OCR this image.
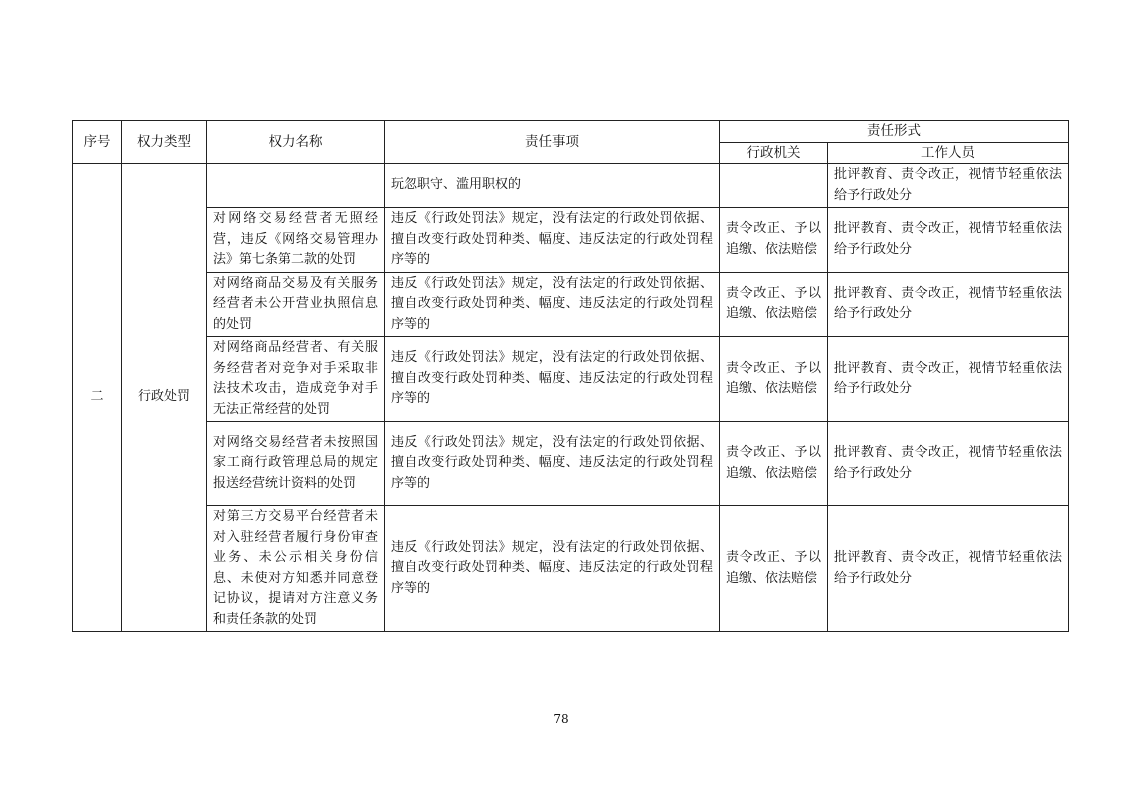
序号	权力类型	权力名称	责任事项	责任形式	
				行政机关	工作人员
二	行政处罚		玩忽职守、滥用职权的		批评教育、责令改正，视情节轻重依法给予行政处分
		对网络交易经营者无照经营，违反《网络交易管理办法》第七条第二款的处罚	违反《行政处罚法》规定，没有法定的行政处罚依据、擅自改变行政处罚种类、幅度、违反法定的行政处罚程序等的	责令改正、予以追缴、依法赔偿	批评教育、责令改正，视情节轻重依法给予行政处分
		对网络商品交易及有关服务经营者未公开营业执照信息的处罚	违反《行政处罚法》规定，没有法定的行政处罚依据、擅自改变行政处罚种类、幅度、违反法定的行政处罚程序等的	责令改正、予以追缴、依法赔偿	批评教育、责令改正，视情节轻重依法给予行政处分
		对网络商品经营者、有关服务经营者对竞争对手采取非法技术攻击，造成竞争对手无法正常经营的处罚	违反《行政处罚法》规定，没有法定的行政处罚依据、擅自改变行政处罚种类、幅度、违反法定的行政处罚程序等的	责令改正、予以追缴、依法赔偿	批评教育、责令改正，视情节轻重依法给予行政处分
		对网络交易经营者未按照国家工商行政管理总局的规定报送经营统计资料的处罚	违反《行政处罚法》规定，没有法定的行政处罚依据、擅自改变行政处罚种类、幅度、违反法定的行政处罚程序等的	责令改正、予以追缴、依法赔偿	批评教育、责令改正，视情节轻重依法给予行政处分
		对第三方交易平台经营者未对入驻经营者履行身份审查业务、未公示相关身份信息、未使对方知悉并同意登记协议，提请对方注意义务和责任条款的处罚	违反《行政处罚法》规定，没有法定的行政处罚依据、擅自改变行政处罚种类、幅度、违反法定的行政处罚程序等的	责令改正、予以追缴、依法赔偿	批评教育、责令改正，视情节轻重依法给予行政处分
78
